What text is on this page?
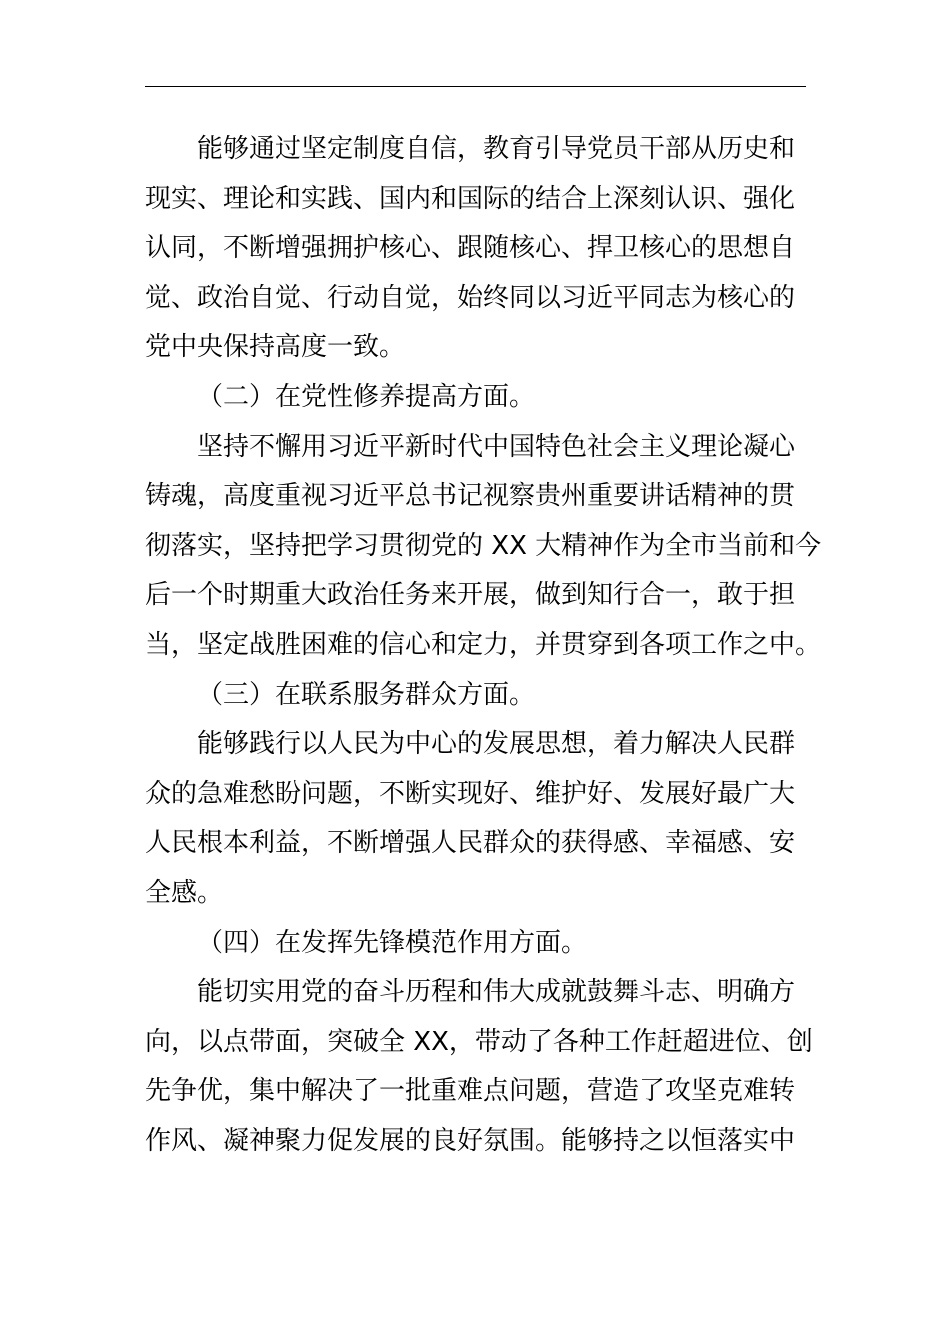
能够通过坚定制度自信，教育引导党员干部从历史和
现实、理论和实践、国内和国际的结合上深刻认识、强化
认同，不断增强拥护核心、跟随核心、捍卫核心的思想自
觉、政治自觉、行动自觉，始终同以习近平同志为核心的
党中央保持高度一致。
（二）在党性修养提高方面。
坚持不懈用习近平新时代中国特色社会主义理论凝心
铸魂，高度重视习近平总书记视察贵州重要讲话精神的贯
彻落实，坚持把学习贯彻党的 XX 大精神作为全市当前和今
后一个时期重大政治任务来开展，做到知行合一，敢于担
当，坚定战胜困难的信心和定力，并贯穿到各项工作之中。
（三）在联系服务群众方面。
能够践行以人民为中心的发展思想，着力解决人民群
众的急难愁盼问题，不断实现好、维护好、发展好最广大
人民根本利益，不断增强人民群众的获得感、幸福感、安
全感。
（四）在发挥先锋模范作用方面。
能切实用党的奋斗历程和伟大成就鼓舞斗志、明确方
向，以点带面，突破全 XX，带动了各种工作赶超进位、创
先争优，集中解决了一批重难点问题，营造了攻坚克难转
作风、凝神聚力促发展的良好氛围。能够持之以恒落实中
